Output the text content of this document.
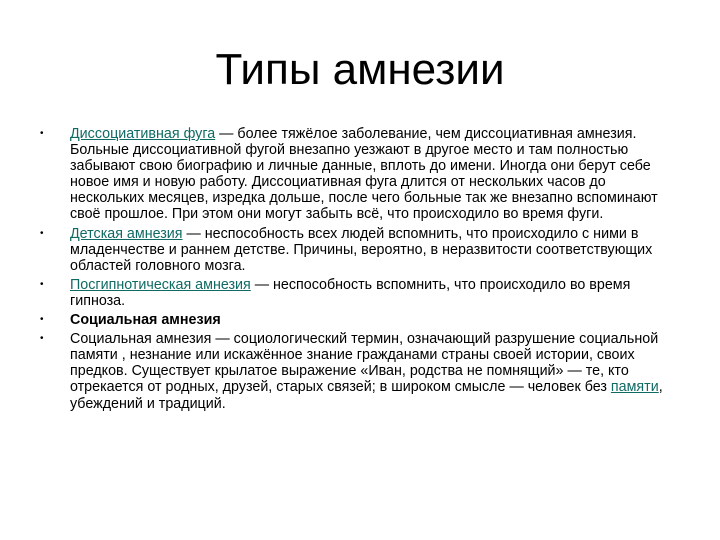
Типы амнезии
•	Диссоциативная фуга — более тяжёлое заболевание, чем диссоциативная амнезия. Больные диссоциативной фугой внезапно уезжают в другое место и там полностью забывают свою биографию и личные данные, вплоть до имени. Иногда они берут себе новое имя и новую работу. Диссоциативная фуга длится от нескольких часов до нескольких месяцев, изредка дольше, после чего больные так же внезапно вспоминают своё прошлое. При этом они могут забыть всё, что происходило во время фуги.
•	Детская амнезия — неспособность всех людей вспомнить, что происходило с ними в младенчестве и раннем детстве. Причины, вероятно, в неразвитости соответствующих областей головного мозга.
•	Посгипнотическая амнезия — неспособность вспомнить, что происходило во время гипноза.
•	Социальная амнезия
•	Социальная амнезия — социологический термин, означающий разрушение социальной памяти , незнание или искажённое знание гражданами страны своей истории, своих предков. Существует крылатое выражение «Иван, родства не помнящий» — те, кто отрекается от родных, друзей, старых связей; в широком смысле — человек без памяти, убеждений и традиций.
